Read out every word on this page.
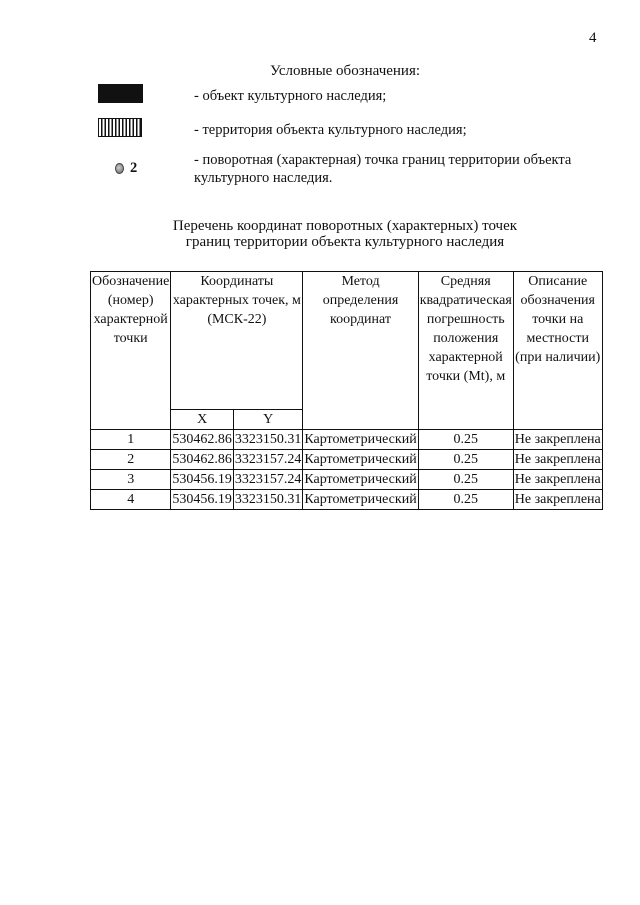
4
Условные обозначения:
- объект культурного наследия;
- территория объекта культурного наследия;
2	- поворотная (характерная) точка границ территории объекта культурного наследия.
Перечень координат поворотных (характерных) точек
границ территории объекта культурного наследия
Обозначение (номер) характерной точки	Координаты характерных точек, м (МСК-22)		Метод определения координат	Средняя квадратическая погрешность положения характерной точки (Mt), м	Описание обозначения точки на местности (при наличии)
	X	Y			
1	530462.86	3323150.31	Картометрический	0.25	Не закреплена
2	530462.86	3323157.24	Картометрический	0.25	Не закреплена
3	530456.19	3323157.24	Картометрический	0.25	Не закреплена
4	530456.19	3323150.31	Картометрический	0.25	Не закреплена
